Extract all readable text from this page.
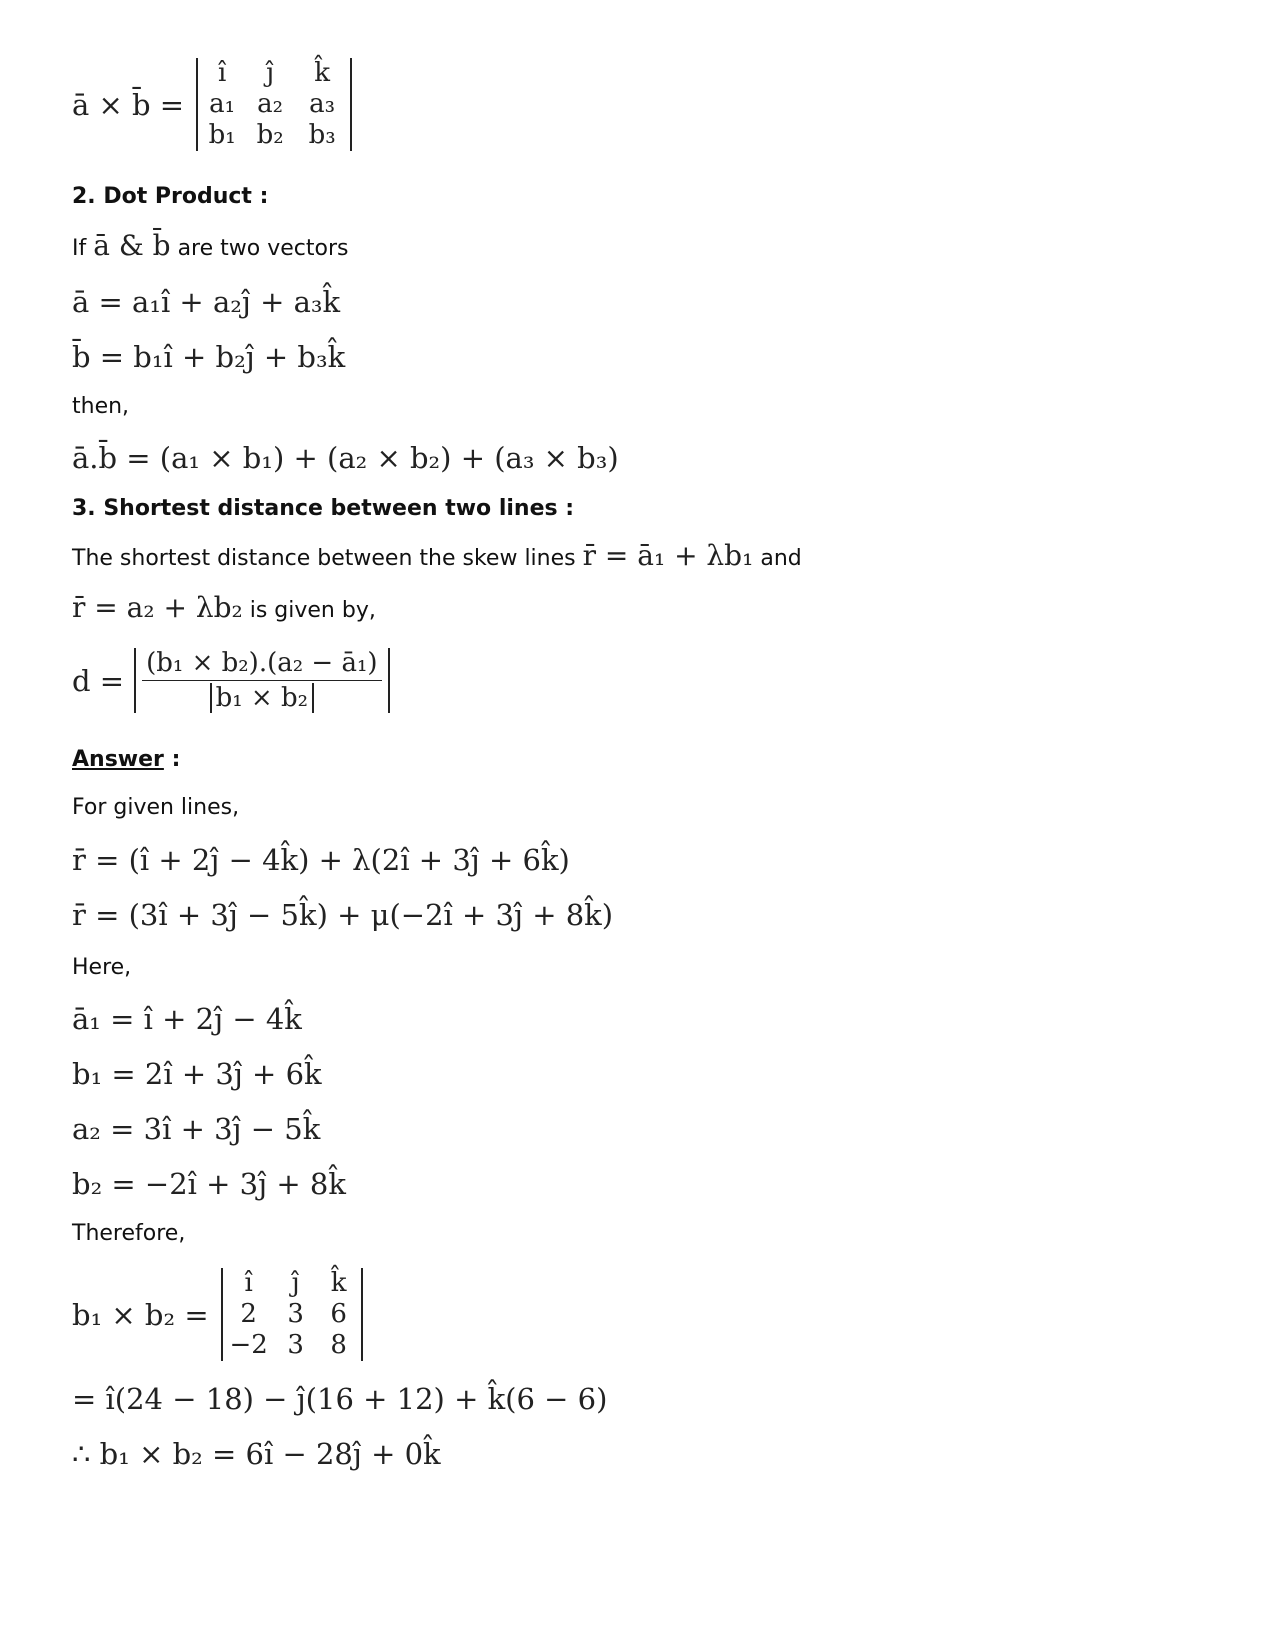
ā × b̄ =
î	ĵ	k̂
a₁	a₂	a₃
b₁	b₂	b₃
2. Dot Product :
If ā & b̄ are two vectors
ā = a₁î + a₂ĵ + a₃k̂
b̄ = b₁î + b₂ĵ + b₃k̂
then,
ā.b̄ = (a₁ × b₁) + (a₂ × b₂) + (a₃ × b₃)
3. Shortest distance between two lines :
The shortest distance between the skew lines r̄ = ā₁ + λb₁ and
r̄ = a₂ + λb₂ is given by,
$d = \frac{\text{(b₁ × b₂).(a₂ − ā₁)}}{\text{b₁ × b₂}}$
Answer :
For given lines,
r̄ = (î + 2ĵ − 4k̂) + λ(2î + 3ĵ + 6k̂)
r̄ = (3î + 3ĵ − 5k̂) + μ(−2î + 3ĵ + 8k̂)
Here,
ā₁ = î + 2ĵ − 4k̂
b₁ = 2î + 3ĵ + 6k̂
a₂ = 3î + 3ĵ − 5k̂
b₂ = −2î + 3ĵ + 8k̂
Therefore,
b₁ × b₂ =
î	ĵ	k̂
2	3	6
−2	3	8
= î(24 − 18) − ĵ(16 + 12) + k̂(6 − 6)
∴ b₁ × b₂ = 6î − 28ĵ + 0k̂
